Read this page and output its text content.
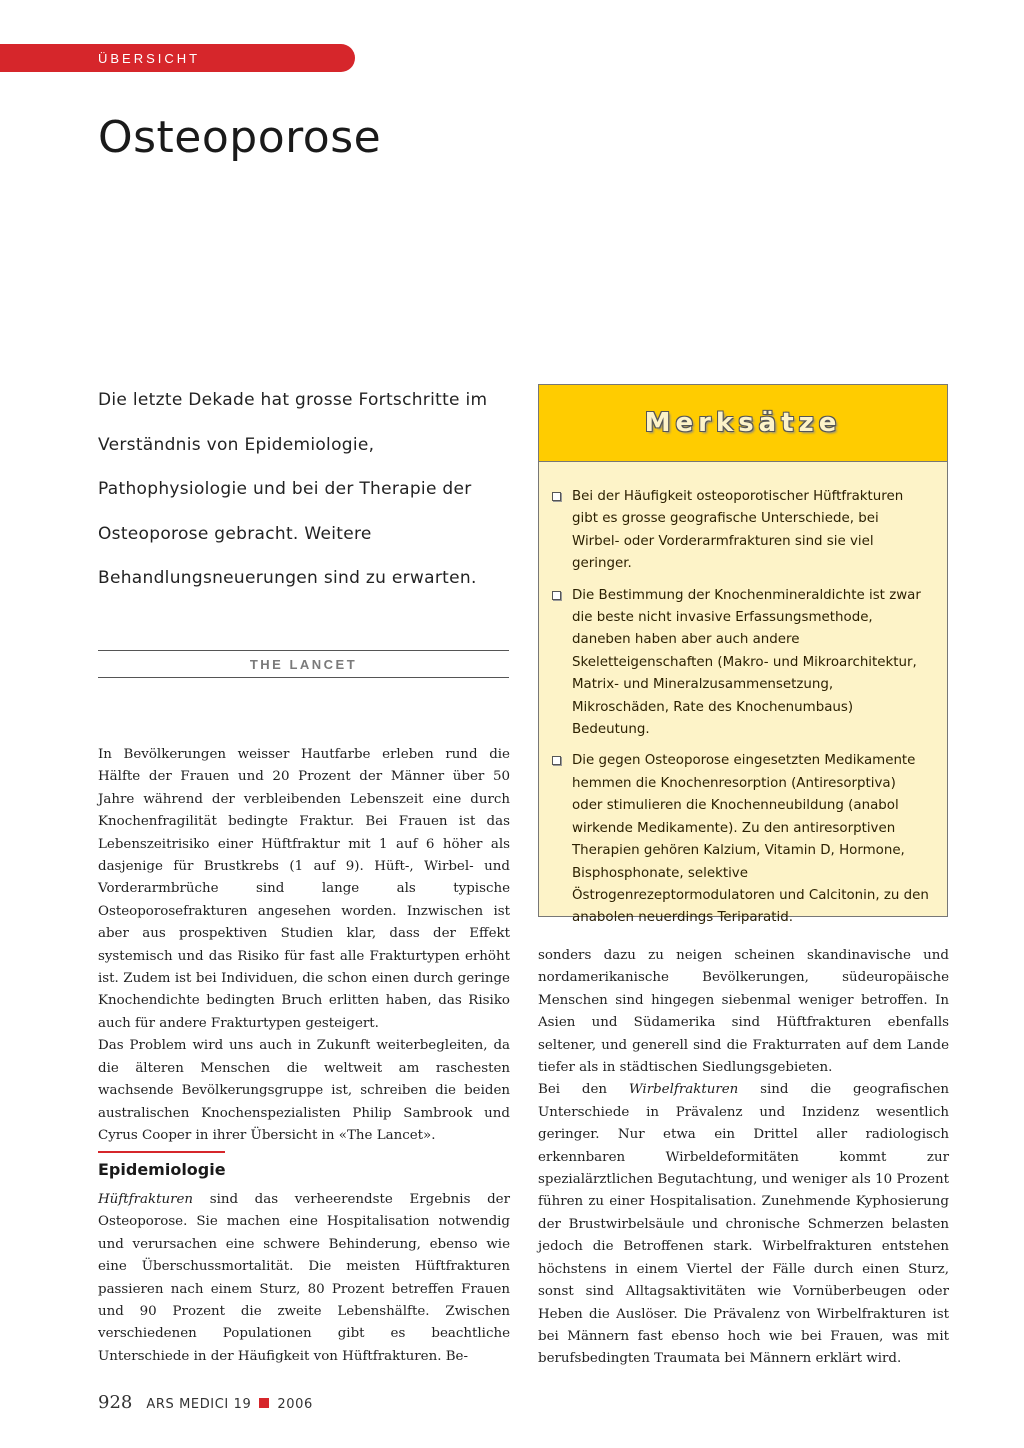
ÜBERSICHT
Osteoporose

Die letzte Dekade hat grosse Fortschritte im Verständnis von Epidemiologie, Pathophysiologie und bei der Therapie der Osteoporose gebracht. Weitere Behandlungsneuerungen sind zu erwarten.

THE LANCET

In Bevölkerungen weisser Hautfarbe erleben rund die Hälfte der Frauen und 20 Prozent der Männer über 50 Jahre während der verbleibenden Lebenszeit eine durch Knochenfragilität bedingte Fraktur. Bei Frauen ist das Lebenszeitrisiko einer Hüftfraktur mit 1 auf 6 höher als dasjenige für Brustkrebs (1 auf 9). Hüft-, Wirbel- und Vorderarmbrüche sind lange als typische Osteoporosefrakturen angesehen worden. Inzwischen ist aber aus prospektiven Studien klar, dass der Effekt systemisch und das Risiko für fast alle Frakturtypen erhöht ist. Zudem ist bei Individuen, die schon einen durch geringe Knochendichte bedingten Bruch erlitten haben, das Risiko auch für andere Frakturtypen gesteigert.

Das Problem wird uns auch in Zukunft weiterbegleiten, da die älteren Menschen die weltweit am raschesten wachsende Bevölkerungsgruppe ist, schreiben die beiden australischen Knochenspezialisten Philip Sambrook und Cyrus Cooper in ihrer Übersicht in «The Lancet».

Epidemiologie

Hüftfrakturen sind das verheerendste Ergebnis der Osteoporose. Sie machen eine Hospitalisation notwendig und verursachen eine schwere Behinderung, ebenso wie eine Überschussmortalität. Die meisten Hüftfrakturen passieren nach einem Sturz, 80 Prozent betreffen Frauen und 90 Prozent die zweite Lebenshälfte. Zwischen verschiedenen Populationen gibt es beachtliche Unterschiede in der Häufigkeit von Hüftfrakturen. Be-

sonders dazu zu neigen scheinen skandinavische und nordamerikanische Bevölkerungen, südeuropäische Menschen sind hingegen siebenmal weniger betroffen. In Asien und Südamerika sind Hüftfrakturen ebenfalls seltener, und generell sind die Frakturraten auf dem Lande tiefer als in städtischen Siedlungsgebieten.

Bei den Wirbelfrakturen sind die geografischen Unterschiede in Prävalenz und Inzidenz wesentlich geringer. Nur etwa ein Drittel aller radiologisch erkennbaren Wirbeldeformitäten kommt zur spezialärztlichen Begutachtung, und weniger als 10 Prozent führen zu einer Hospitalisation. Zunehmende Kyphosierung der Brustwirbelsäule und chronische Schmerzen belasten jedoch die Betroffenen stark. Wirbelfrakturen entstehen höchstens in einem Viertel der Fälle durch einen Sturz, sonst sind Alltagsaktivitäten wie Vornüberbeugen oder Heben die Auslöser. Die Prävalenz von Wirbelfrakturen ist bei Männern fast ebenso hoch wie bei Frauen, was mit berufsbedingten Traumata bei Männern erklärt wird.

Merksätze
Bei der Häufigkeit osteoporotischer Hüftfrakturen gibt es grosse geografische Unterschiede, bei Wirbel- oder Vorderarmfrakturen sind sie viel geringer.
Die Bestimmung der Knochenmineraldichte ist zwar die beste nicht invasive Erfassungsmethode, daneben haben aber auch andere Skeletteigenschaften (Makro- und Mikroarchitektur, Matrix- und Mineralzusammensetzung, Mikroschäden, Rate des Knochenumbaus) Bedeutung.
Die gegen Osteoporose eingesetzten Medikamente hemmen die Knochenresorption (Antiresorptiva) oder stimulieren die Knochenneubildung (anabol wirkende Medikamente). Zu den antiresorptiven Therapien gehören Kalzium, Vitamin D, Hormone, Bisphosphonate, selektive Östrogenrezeptormodulatoren und Calcitonin, zu den anabolen neuerdings Teriparatid.
928 ARS MEDICI 19 2006
